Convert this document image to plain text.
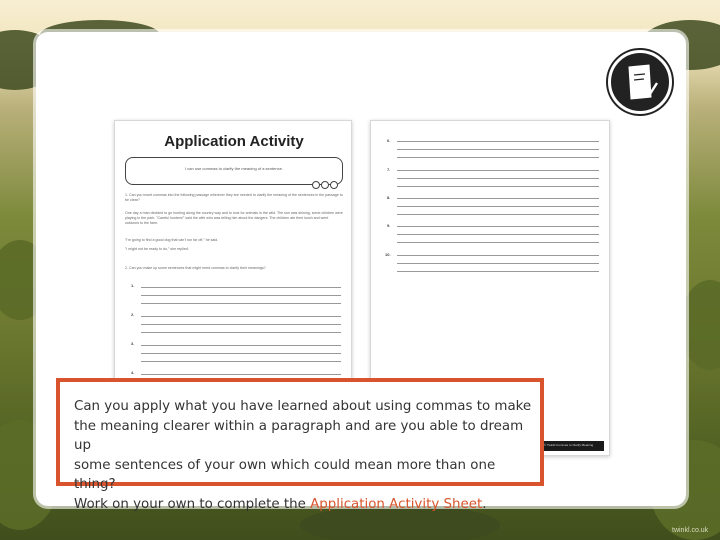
Application Activity
I can use commas to clarify the meaning of a sentence.
1. Can you insert commas into the following passage wherever they are needed to clarify the meaning of the sentences in the passage to be clear?
One day a man decided to go hunting along the country way and to look for animals in the wild. The sun was shining, some children were playing in the park. "Careful hunters!" said the wife who was telling him about the dangers. The children ate their lunch and went outdoors to the farm.
"I'm going to find a good dog that can't run far off," he said.
"I might not be ready to do," she replied.
2. Can you make up some sentences that might need commas to clarify their meanings?
1.
2.
3.
4.
6.
7.
8.
9.
10.
© Twinkl Commas to Clarify Meaning
Can you apply what you have learned about using commas to make
the meaning clearer within a paragraph and are you able to dream up
some sentences of your own which could mean more than one thing?
Work on your own to complete the Application Activity Sheet.
twinkl.co.uk
